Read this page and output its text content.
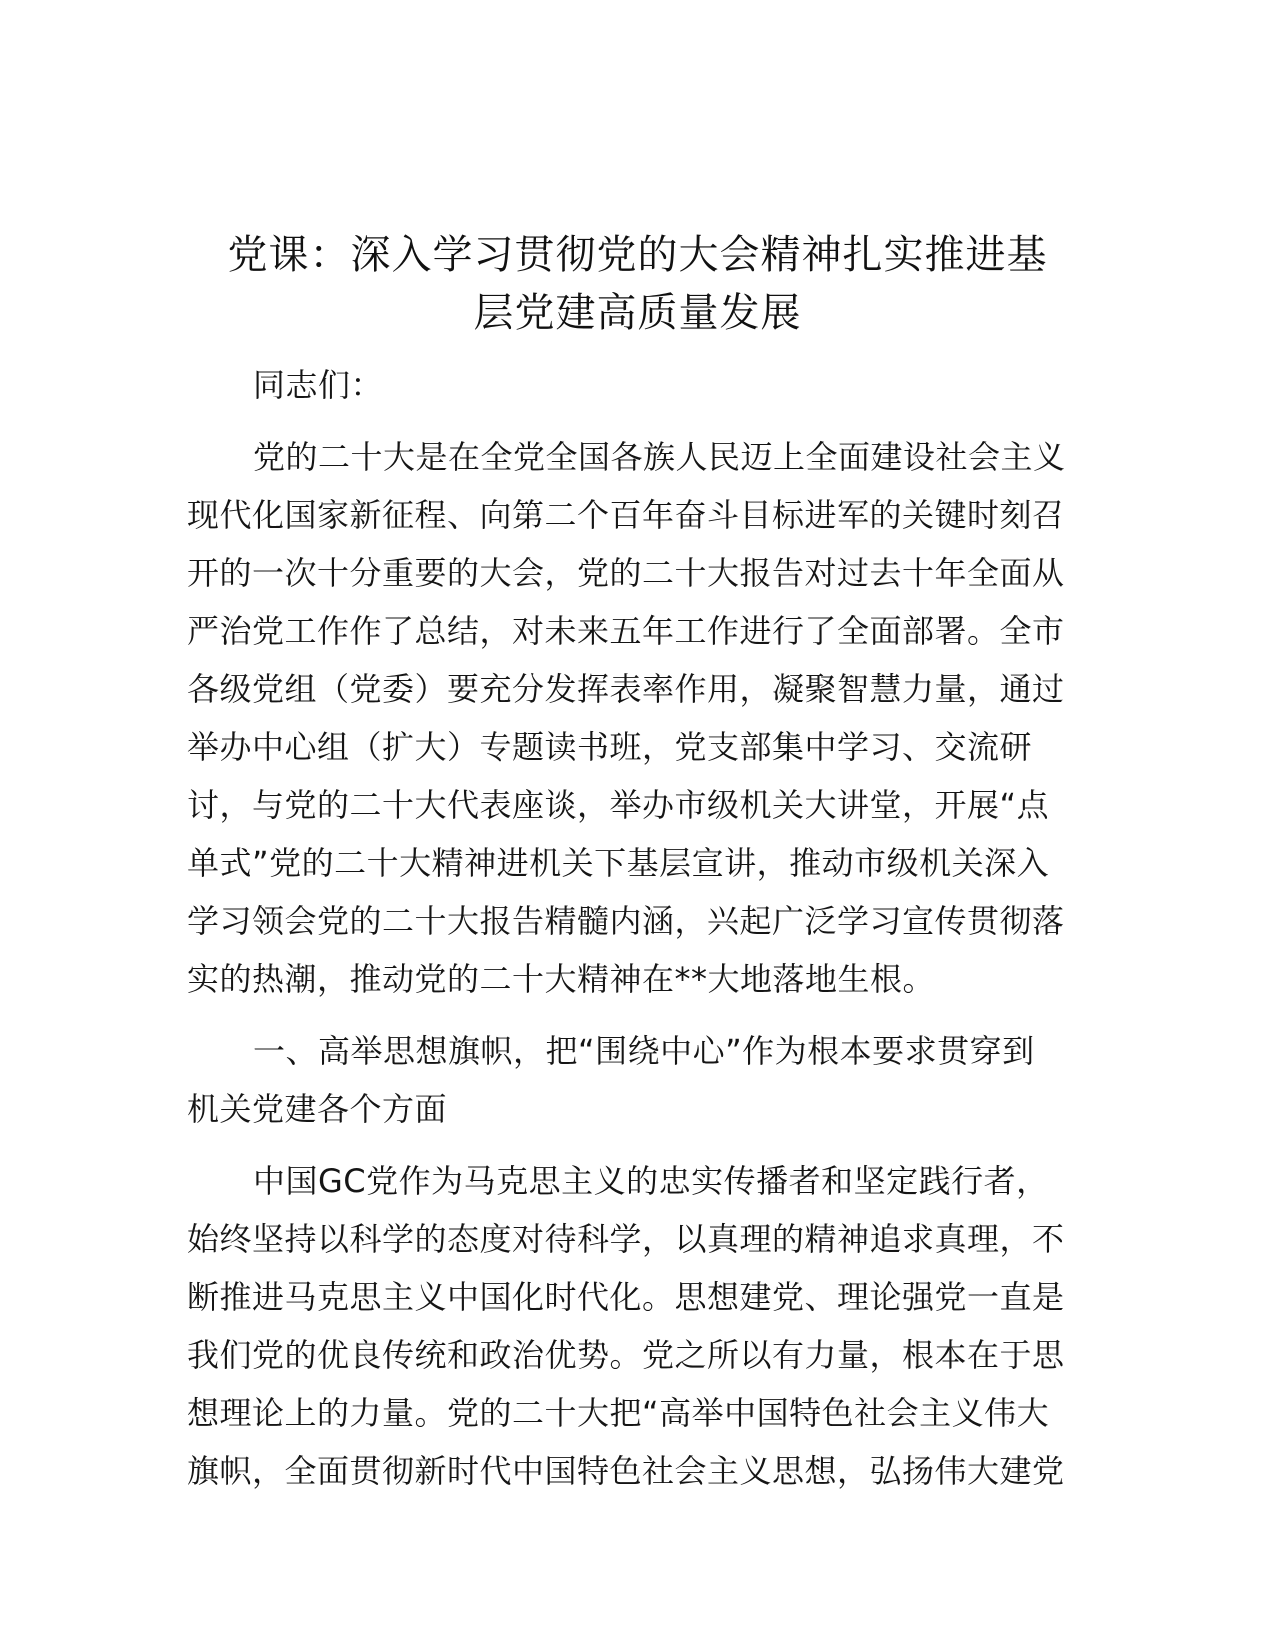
党课：深入学习贯彻党的大会精神扎实推进基
层党建高质量发展
同志们：
党的二十大是在全党全国各族人民迈上全面建设社会主义
现代化国家新征程、向第二个百年奋斗目标进军的关键时刻召
开的一次十分重要的大会，党的二十大报告对过去十年全面从
严治党工作作了总结，对未来五年工作进行了全面部署。全市
各级党组（党委）要充分发挥表率作用，凝聚智慧力量，通过
举办中心组（扩大）专题读书班，党支部集中学习、交流研
讨，与党的二十大代表座谈，举办市级机关大讲堂，开展“点
单式”党的二十大精神进机关下基层宣讲，推动市级机关深入
学习领会党的二十大报告精髓内涵，兴起广泛学习宣传贯彻落
实的热潮，推动党的二十大精神在**大地落地生根。
一、高举思想旗帜，把“围绕中心”作为根本要求贯穿到
机关党建各个方面
中国GC党作为马克思主义的忠实传播者和坚定践行者，
始终坚持以科学的态度对待科学，以真理的精神追求真理，不
断推进马克思主义中国化时代化。思想建党、理论强党一直是
我们党的优良传统和政治优势。党之所以有力量，根本在于思
想理论上的力量。党的二十大把“高举中国特色社会主义伟大
旗帜，全面贯彻新时代中国特色社会主义思想，弘扬伟大建党
